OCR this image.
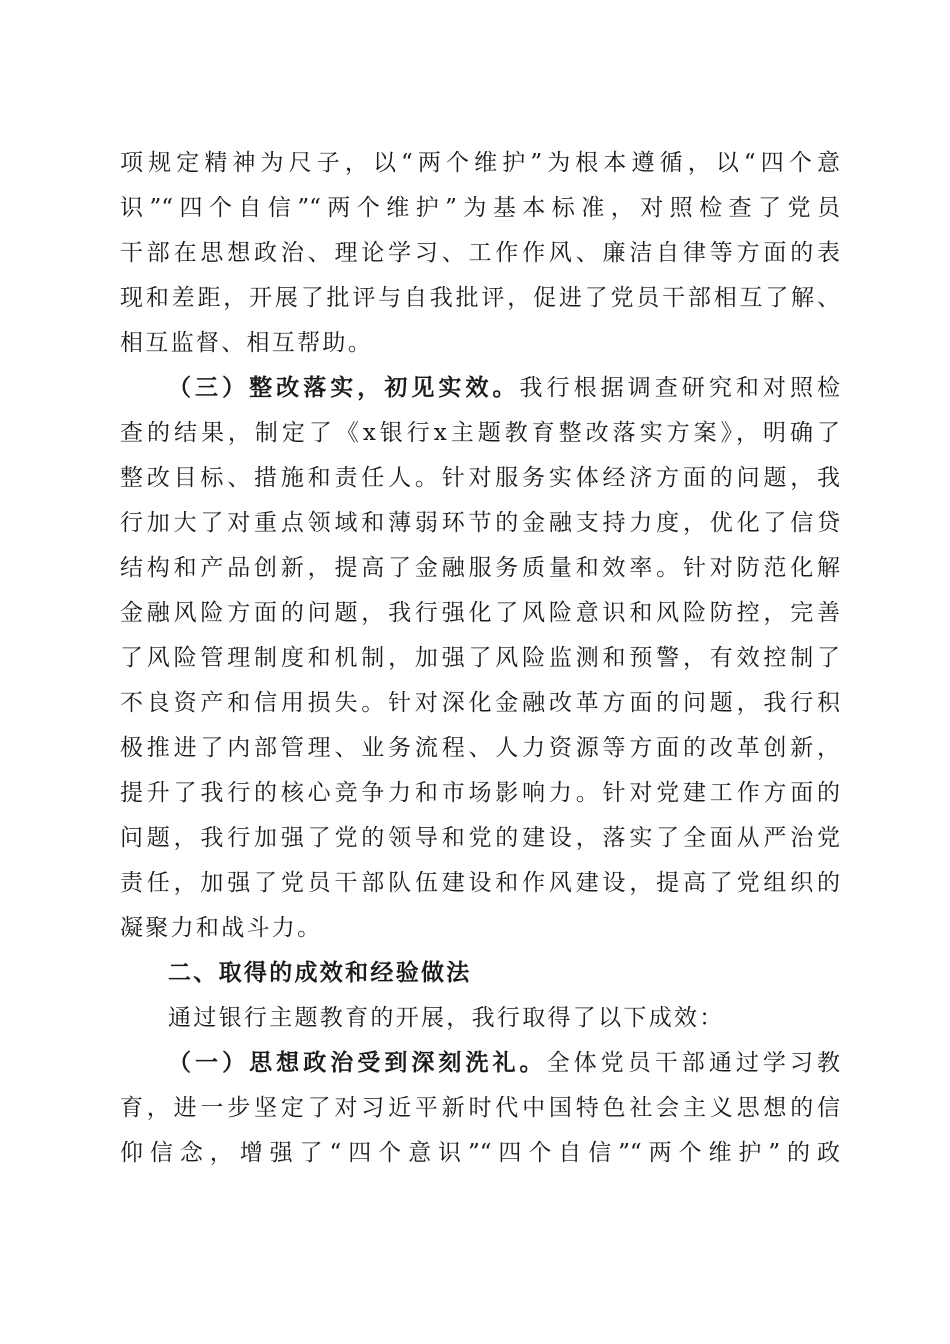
项规定精神为尺子，以“两个维护”为根本遵循，以“四个意
识”“四个自信”“两个维护”为基本标准，对照检查了党员
干部在思想政治、理论学习、工作作风、廉洁自律等方面的表
现和差距，开展了批评与自我批评，促进了党员干部相互了解、
相互监督、相互帮助。
（三）整改落实，初见实效。我行根据调查研究和对照检
查的结果，制定了《x银行x主题教育整改落实方案》，明确了
整改目标、措施和责任人。针对服务实体经济方面的问题，我
行加大了对重点领域和薄弱环节的金融支持力度，优化了信贷
结构和产品创新，提高了金融服务质量和效率。针对防范化解
金融风险方面的问题，我行强化了风险意识和风险防控，完善
了风险管理制度和机制，加强了风险监测和预警，有效控制了
不良资产和信用损失。针对深化金融改革方面的问题，我行积
极推进了内部管理、业务流程、人力资源等方面的改革创新，
提升了我行的核心竞争力和市场影响力。针对党建工作方面的
问题，我行加强了党的领导和党的建设，落实了全面从严治党
责任，加强了党员干部队伍建设和作风建设，提高了党组织的
凝聚力和战斗力。
二、取得的成效和经验做法
通过银行主题教育的开展，我行取得了以下成效：
（一）思想政治受到深刻洗礼。全体党员干部通过学习教
育，进一步坚定了对习近平新时代中国特色社会主义思想的信
仰信念，增强了“四个意识”“四个自信”“两个维护”的政
